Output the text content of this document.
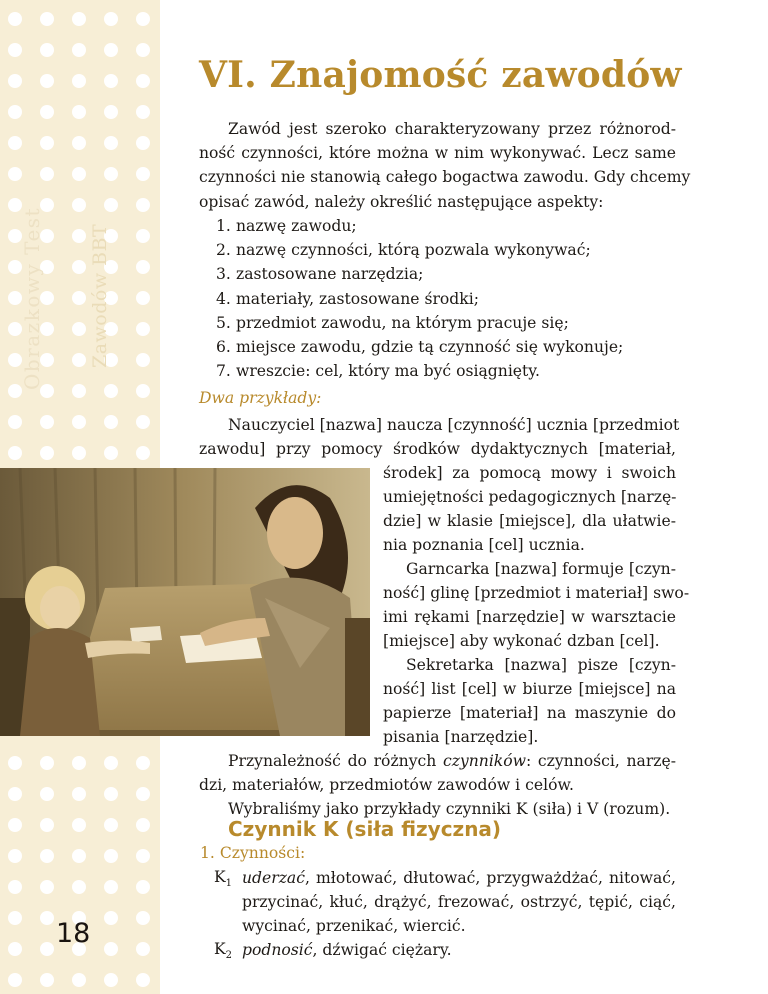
Obrazkowy Test Zawodów BBT
18
VI. Znajomość zawodów
Zawód jest szeroko charakteryzowany przez różnorod-
ność czynności, które można w nim wykonywać. Lecz same
czynności nie stanowią całego bogactwa zawodu. Gdy chcemy
opisać zawód, należy określić następujące aspekty:
1. nazwę zawodu;
2. nazwę czynności, którą pozwala wykonywać;
3. zastosowane narzędzia;
4. materiały, zastosowane środki;
5. przedmiot zawodu, na którym pracuje się;
6. miejsce zawodu, gdzie tą czynność się wykonuje;
7. wreszcie: cel, który ma być osiągnięty.

Dwa przykłady:

Nauczyciel [nazwa] naucza [czynność] ucznia [przedmiot

zawodu] przy pomocy środków dydaktycznych [materiał,

środek] za pomocą mowy i swoich

umiejętności pedagogicznych [narzę-

dzie] w klasie [miejsce], dla ułatwie-

nia poznania [cel] ucznia.

Garncarka [nazwa] formuje [czyn-

ność] glinę [przedmiot i materiał] swo-

imi rękami [narzędzie] w warsztacie

[miejsce] aby wykonać dzban [cel].

Sekretarka [nazwa] pisze [czyn-

ność] list [cel] w biurze [miejsce] na

papierze [materiał] na maszynie do

pisania [narzędzie].

Przynależność do różnych czynników: czynności, narzę-

dzi, materiałów, przedmiotów zawodów i celów.

Wybraliśmy jako przykłady czynniki K (siła) i V (rozum).

Czynnik K (siła fizyczna)

1. Czynności:

$K_1$ uderzać, młotować, dłutować, przygważdżać, nitować,

przycinać, kłuć, drążyć, frezować, ostrzyć, tępić, ciąć,

wycinać, przenikać, wiercić.

$K_2$ podnosić, dźwigać ciężary.
